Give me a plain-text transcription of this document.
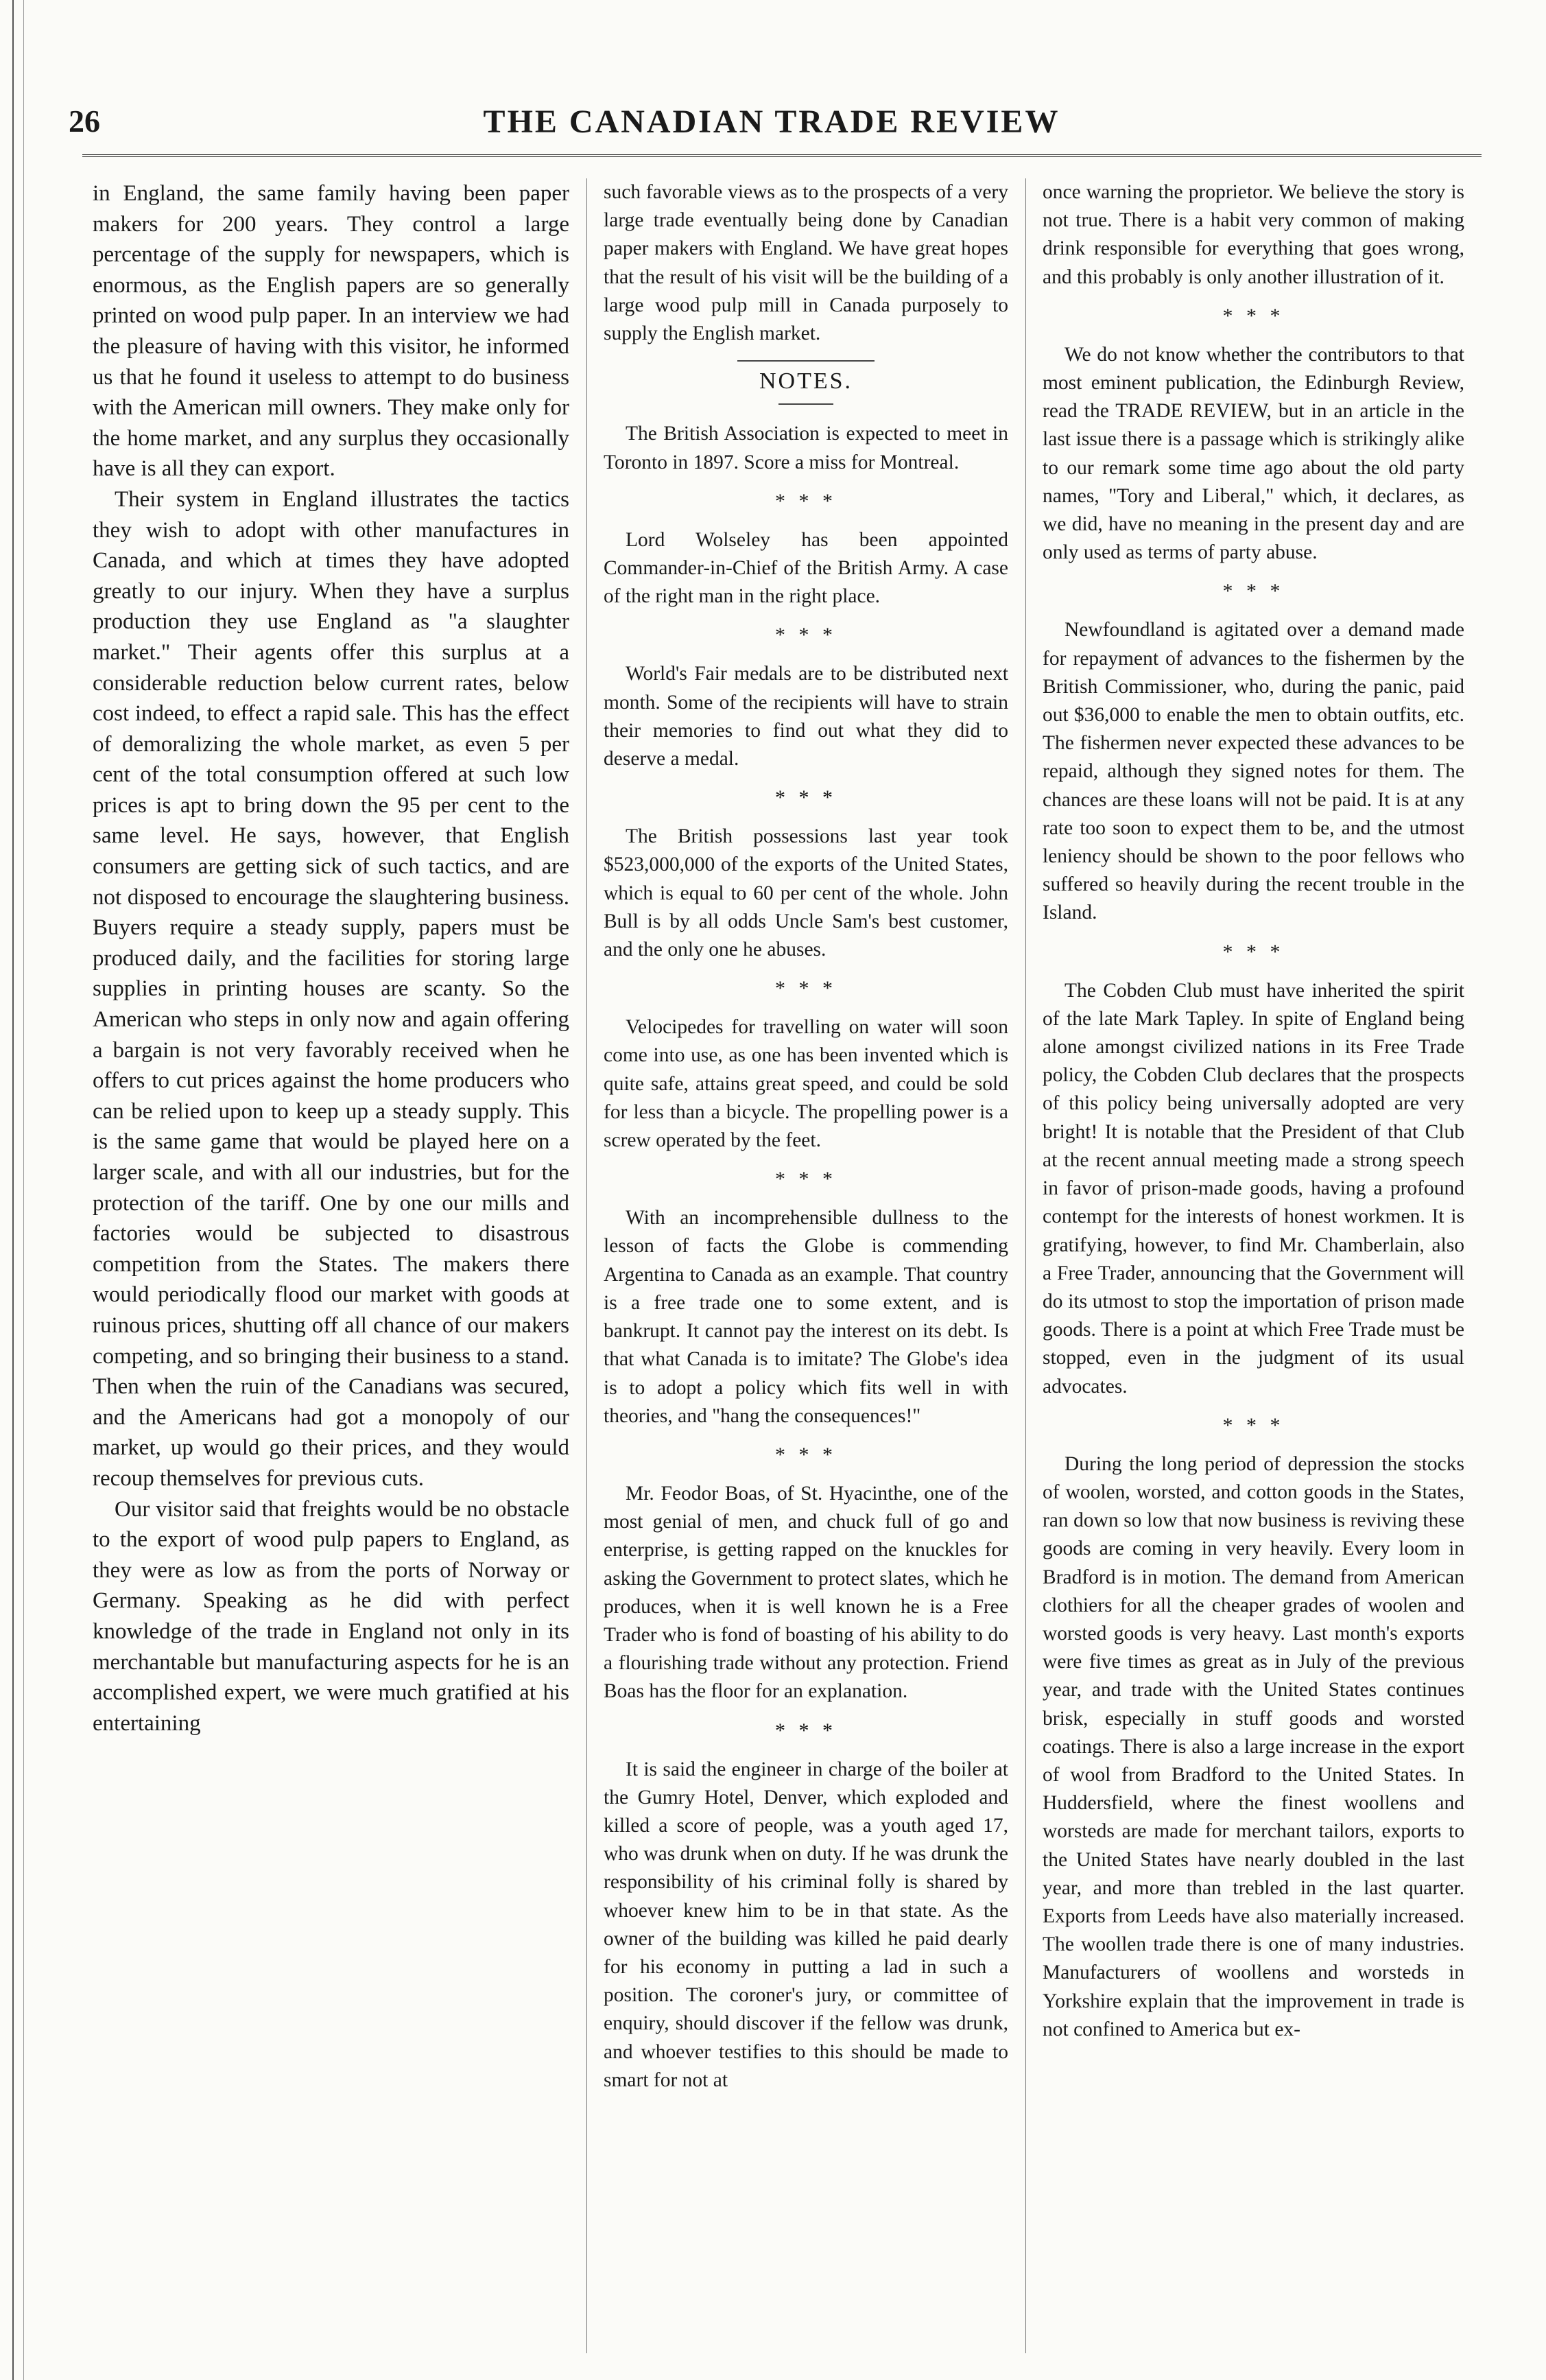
26	THE CANADIAN TRADE REVIEW

in England, the same family having been paper makers for 200 years. They control a large percentage of the supply for newspapers, which is enormous, as the English papers are so generally printed on wood pulp paper. In an interview we had the pleasure of having with this visitor, he informed us that he found it useless to attempt to do business with the American mill owners. They make only for the home market, and any surplus they occasionally have is all they can export.

Their system in England illustrates the tactics they wish to adopt with other manufactures in Canada, and which at times they have adopted greatly to our injury. When they have a surplus production they use England as "a slaughter market." Their agents offer this surplus at a considerable reduction below current rates, below cost indeed, to effect a rapid sale. This has the effect of demoralizing the whole market, as even 5 per cent of the total consumption offered at such low prices is apt to bring down the 95 per cent to the same level. He says, however, that English consumers are getting sick of such tactics, and are not disposed to encourage the slaughtering business. Buyers require a steady supply, papers must be produced daily, and the facilities for storing large supplies in printing houses are scanty. So the American who steps in only now and again offering a bargain is not very favorably received when he offers to cut prices against the home producers who can be relied upon to keep up a steady supply. This is the same game that would be played here on a larger scale, and with all our industries, but for the protection of the tariff. One by one our mills and factories would be subjected to disastrous competition from the States. The makers there would periodically flood our market with goods at ruinous prices, shutting off all chance of our makers competing, and so bringing their business to a stand. Then when the ruin of the Canadians was secured, and the Americans had got a monopoly of our market, up would go their prices, and they would recoup themselves for previous cuts.

Our visitor said that freights would be no obstacle to the export of wood pulp papers to England, as they were as low as from the ports of Norway or Germany. Speaking as he did with perfect knowledge of the trade in England not only in its merchantable but manufacturing aspects for he is an accomplished expert, we were much gratified at his entertaining

such favorable views as to the prospects of a very large trade eventually being done by Canadian paper makers with England. We have great hopes that the result of his visit will be the building of a large wood pulp mill in Canada purposely to supply the English market.

NOTES.

The British Association is expected to meet in Toronto in 1897. Score a miss for Montreal.

* * *

Lord Wolseley has been appointed Commander-in-Chief of the British Army. A case of the right man in the right place.

* * *

World's Fair medals are to be distributed next month. Some of the recipients will have to strain their memories to find out what they did to deserve a medal.

* * *

The British possessions last year took $523,000,000 of the exports of the United States, which is equal to 60 per cent of the whole. John Bull is by all odds Uncle Sam's best customer, and the only one he abuses.

* * *

Velocipedes for travelling on water will soon come into use, as one has been invented which is quite safe, attains great speed, and could be sold for less than a bicycle. The propelling power is a screw operated by the feet.

* * *

With an incomprehensible dullness to the lesson of facts the Globe is commending Argentina to Canada as an example. That country is a free trade one to some extent, and is bankrupt. It cannot pay the interest on its debt. Is that what Canada is to imitate? The Globe's idea is to adopt a policy which fits well in with theories, and "hang the consequences!"

* * *

Mr. Feodor Boas, of St. Hyacinthe, one of the most genial of men, and chuck full of go and enterprise, is getting rapped on the knuckles for asking the Government to protect slates, which he produces, when it is well known he is a Free Trader who is fond of boasting of his ability to do a flourishing trade without any protection. Friend Boas has the floor for an explanation.

* * *

It is said the engineer in charge of the boiler at the Gumry Hotel, Denver, which exploded and killed a score of people, was a youth aged 17, who was drunk when on duty. If he was drunk the responsibility of his criminal folly is shared by whoever knew him to be in that state. As the owner of the building was killed he paid dearly for his economy in putting a lad in such a position. The coroner's jury, or committee of enquiry, should discover if the fellow was drunk, and whoever testifies to this should be made to smart for not at

once warning the proprietor. We believe the story is not true. There is a habit very common of making drink responsible for everything that goes wrong, and this probably is only another illustration of it.

* * *

We do not know whether the contributors to that most eminent publication, the Edinburgh Review, read the TRADE REVIEW, but in an article in the last issue there is a passage which is strikingly alike to our remark some time ago about the old party names, "Tory and Liberal," which, it declares, as we did, have no meaning in the present day and are only used as terms of party abuse.

* * *

Newfoundland is agitated over a demand made for repayment of advances to the fishermen by the British Commissioner, who, during the panic, paid out $36,000 to enable the men to obtain outfits, etc. The fishermen never expected these advances to be repaid, although they signed notes for them. The chances are these loans will not be paid. It is at any rate too soon to expect them to be, and the utmost leniency should be shown to the poor fellows who suffered so heavily during the recent trouble in the Island.

* * *

The Cobden Club must have inherited the spirit of the late Mark Tapley. In spite of England being alone amongst civilized nations in its Free Trade policy, the Cobden Club declares that the prospects of this policy being universally adopted are very bright! It is notable that the President of that Club at the recent annual meeting made a strong speech in favor of prison-made goods, having a profound contempt for the interests of honest workmen. It is gratifying, however, to find Mr. Chamberlain, also a Free Trader, announcing that the Government will do its utmost to stop the importation of prison made goods. There is a point at which Free Trade must be stopped, even in the judgment of its usual advocates.

* * *

During the long period of depression the stocks of woolen, worsted, and cotton goods in the States, ran down so low that now business is reviving these goods are coming in very heavily. Every loom in Bradford is in motion. The demand from American clothiers for all the cheaper grades of woolen and worsted goods is very heavy. Last month's exports were five times as great as in July of the previous year, and trade with the United States continues brisk, especially in stuff goods and worsted coatings. There is also a large increase in the export of wool from Bradford to the United States. In Huddersfield, where the finest woollens and worsteds are made for merchant tailors, exports to the United States have nearly doubled in the last year, and more than trebled in the last quarter. Exports from Leeds have also materially increased. The woollen trade there is one of many industries. Manufacturers of woollens and worsteds in Yorkshire explain that the improvement in trade is not confined to America but ex-
